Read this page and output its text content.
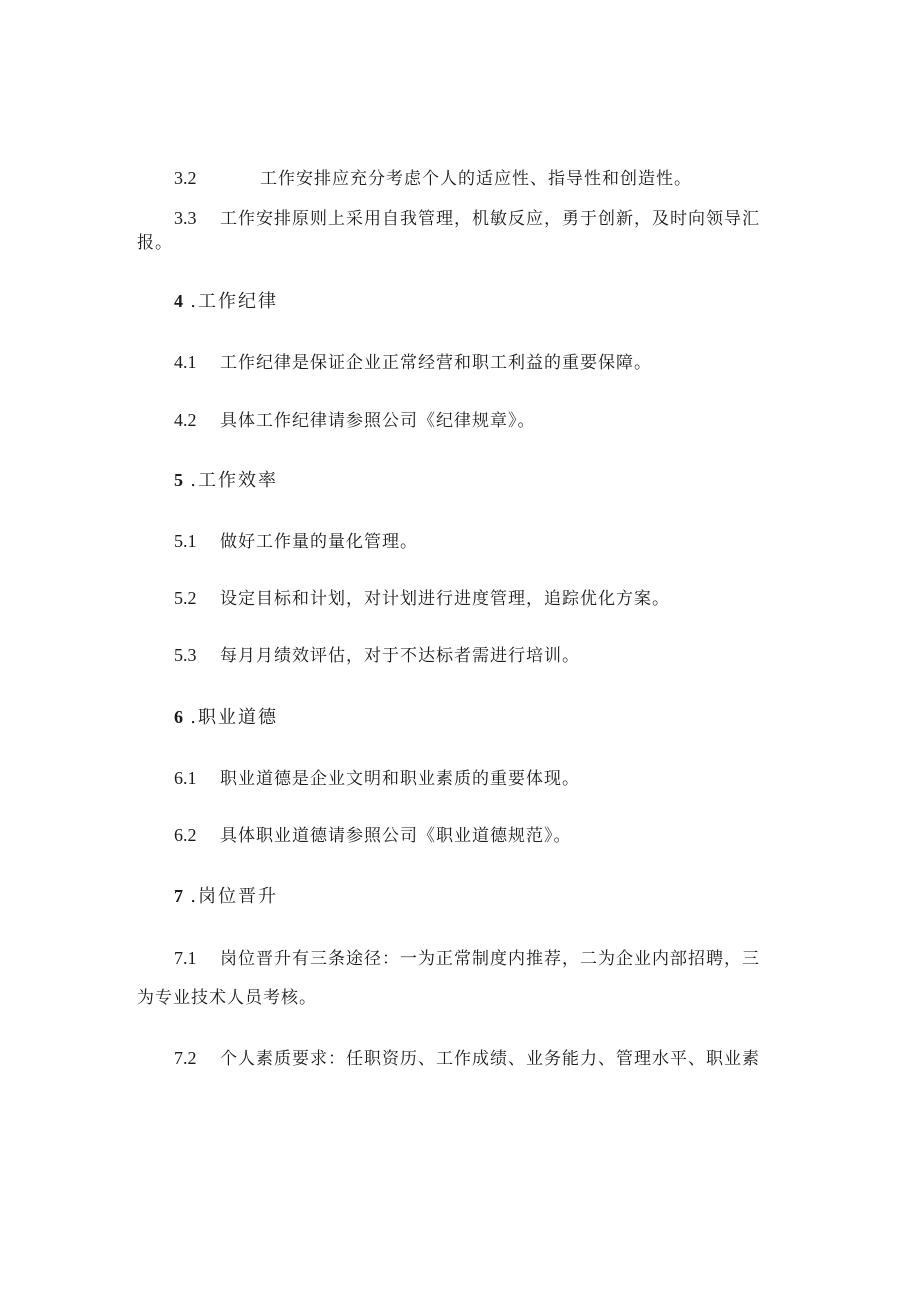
3.2	工作安排应充分考虑个人的适应性、指导性和创造性。
3.3 工作安排原则上采用自我管理，机敏反应，勇于创新，及时向领导汇
报。
4 .工作纪律
4.1 工作纪律是保证企业正常经营和职工利益的重要保障。
4.2 具体工作纪律请参照公司《纪律规章》。
5 .工作效率
5.1 做好工作量的量化管理。
5.2 设定目标和计划，对计划进行进度管理，追踪优化方案。
5.3 每月月绩效评估，对于不达标者需进行培训。
6 .职业道德
6.1 职业道德是企业文明和职业素质的重要体现。
6.2 具体职业道德请参照公司《职业道德规范》。
7 .岗位晋升
7.1 岗位晋升有三条途径：一为正常制度内推荐，二为企业内部招聘，三
为专业技术人员考核。
7.2 个人素质要求：任职资历、工作成绩、业务能力、管理水平、职业素
